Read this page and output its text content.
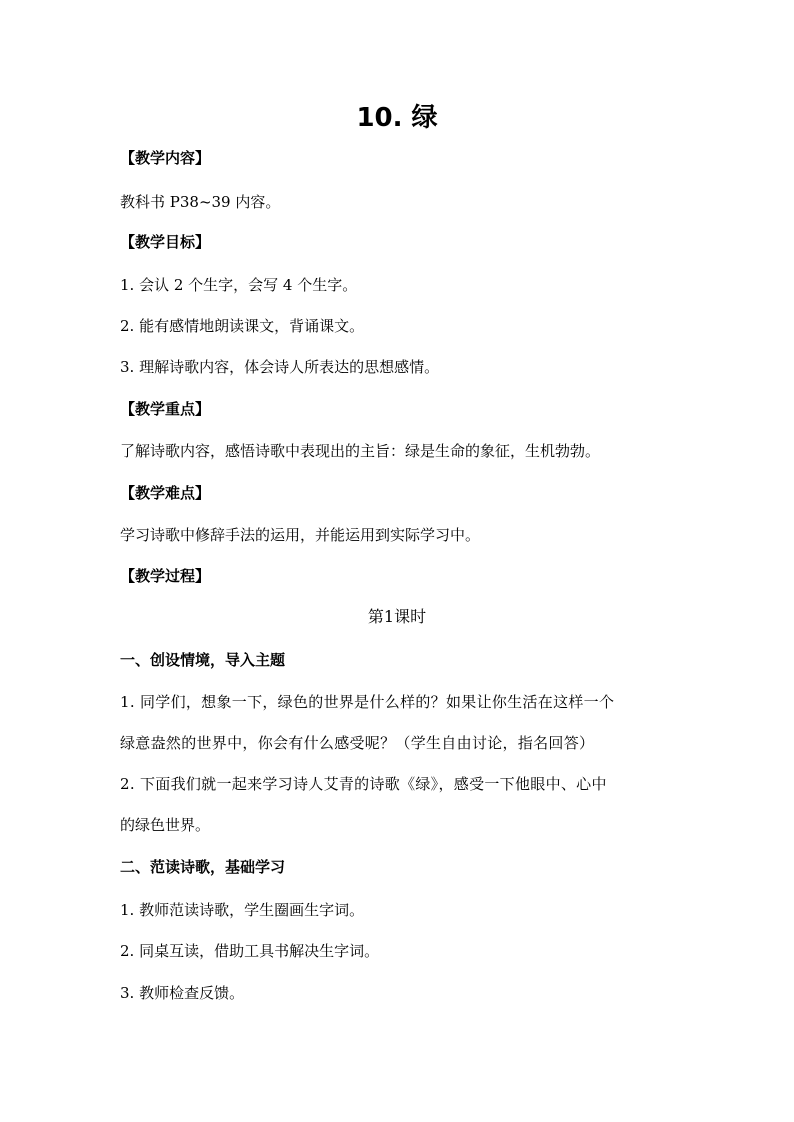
10. 绿
【教学内容】
教科书 P38~39 内容。
【教学目标】
1. 会认 2 个生字，会写 4 个生字。
2. 能有感情地朗读课文，背诵课文。
3. 理解诗歌内容，体会诗人所表达的思想感情。
【教学重点】
了解诗歌内容，感悟诗歌中表现出的主旨：绿是生命的象征，生机勃勃。
【教学难点】
学习诗歌中修辞手法的运用，并能运用到实际学习中。
【教学过程】
第1课时
一、创设情境，导入主题
1. 同学们，想象一下，绿色的世界是什么样的？如果让你生活在这样一个
绿意盎然的世界中，你会有什么感受呢？（学生自由讨论，指名回答）
2. 下面我们就一起来学习诗人艾青的诗歌《绿》，感受一下他眼中、心中
的绿色世界。
二、范读诗歌，基础学习
1. 教师范读诗歌，学生圈画生字词。
2. 同桌互读，借助工具书解决生字词。
3. 教师检查反馈。
